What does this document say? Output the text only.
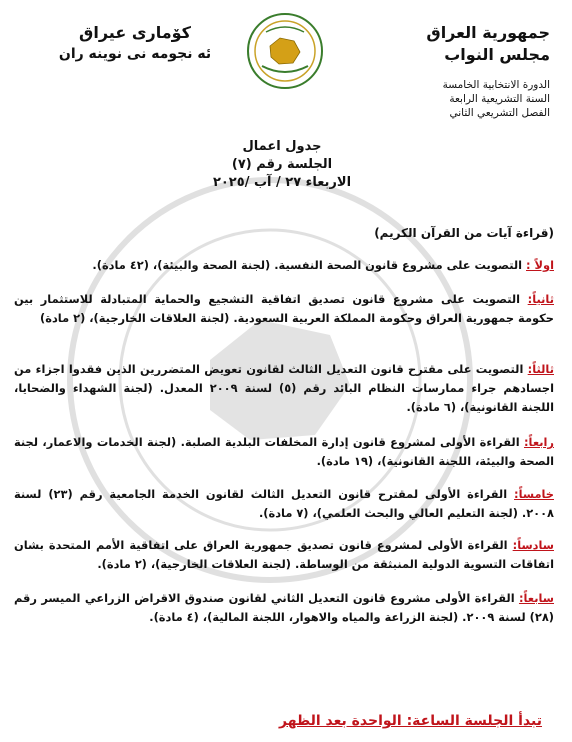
جمهورية العراق
مجلس النواب
الدورة الانتخابية الخامسة
السنة التشريعية الرابعة
الفصل التشريعي الثاني
كۆمارى عيراق
ئه نجومه نى نوينه ران
جدول اعمال
الجلسة رقم (٧)
الاربعاء ٢٧ / آب /٢٠٢٥
(قراءة آيات من القرآن الكريم)
اولاً : التصويت على مشروع قانون الصحة النفسية. (لجنة الصحة والبيئة)، (٤٢ مادة).
ثانياً: التصويت على مشروع قانون تصديق اتفاقية التشجيع والحماية المتبادلة للاستثمار بين حكومة جمهورية العراق وحكومة المملكة العربية السعودية. (لجنة العلاقات الخارجية)، (٢ مادة)
ثالثاً: التصويت على مقترح قانون التعديل الثالث لقانون تعويض المتضررين الذين فقدوا اجزاء من اجسادهم جراء ممارسات النظام البائد رقم (٥) لسنة ٢٠٠٩ المعدل. (لجنة الشهداء والضحايا، اللجنة القانونية)، (٦ مادة).
رابعاً: القراءة الأولى لمشروع قانون إدارة المخلفات البلدية الصلبة. (لجنة الخدمات والاعمار، لجنة الصحة والبيئة، اللجنة القانونية)، (١٩ مادة).
خامساً: القراءة الأولى لمقترح قانون التعديل الثالث لقانون الخدمة الجامعية رقم (٢٣) لسنة ٢٠٠٨. (لجنة التعليم العالي والبحث العلمي)، (٧ مادة).
سادساً: القراءة الأولى لمشروع قانون تصديق جمهورية العراق على اتفاقية الأمم المتحدة بشان اتفاقات التسوية الدولية المنبثقة من الوساطة. (لجنة العلاقات الخارجية)، (٢ مادة).
سابعاً: القراءة الأولى مشروع قانون التعديل الثاني لقانون صندوق الاقراض الزراعي الميسر رقم (٢٨) لسنة ٢٠٠٩. (لجنة الزراعة والمياه والاهوار، اللجنة المالية)، (٤ مادة).
تبدأ الجلسة الساعة: الواحدة بعد الظهر
